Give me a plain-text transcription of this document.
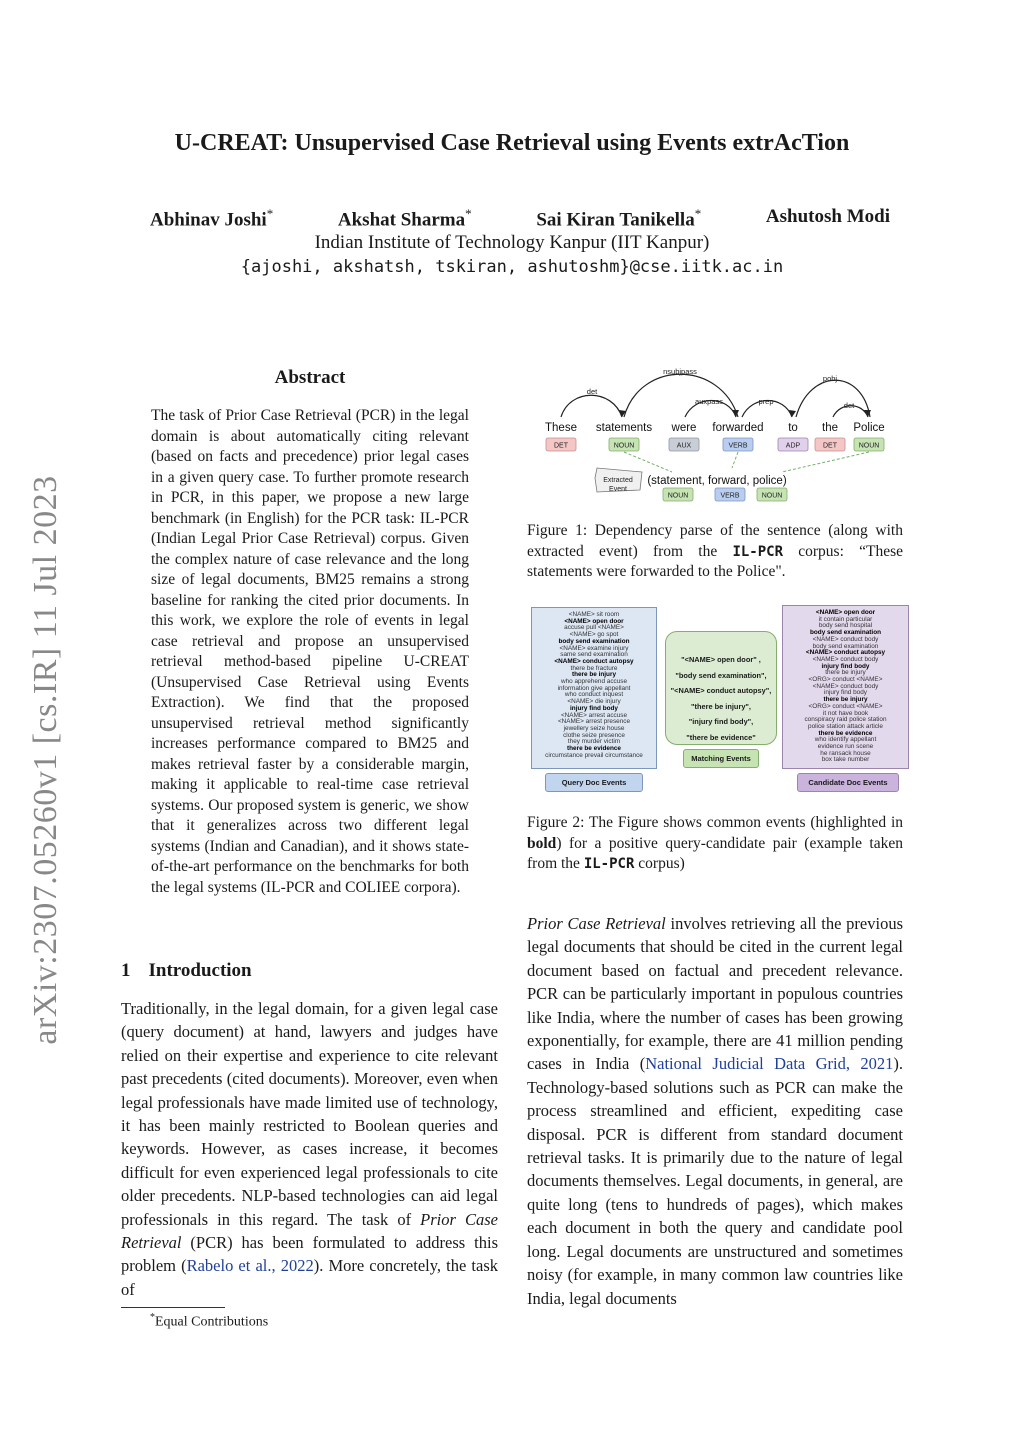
arXiv:2307.05260v1 [cs.IR] 11 Jul 2023
U-CREAT: Unsupervised Case Retrieval using Events extrAcTion
Abhinav Joshi*	Akshat Sharma*	Sai Kiran Tanikella*	Ashutosh Modi
Indian Institute of Technology Kanpur (IIT Kanpur)
{ajoshi, akshatsh, tskiran, ashutoshm}@cse.iitk.ac.in
Abstract
The task of Prior Case Retrieval (PCR) in the legal domain is about automatically citing relevant (based on facts and precedence) prior legal cases in a given query case. To further promote research in PCR, in this paper, we propose a new large benchmark (in English) for the PCR task: IL-PCR (Indian Legal Prior Case Retrieval) corpus. Given the complex nature of case relevance and the long size of legal documents, BM25 remains a strong baseline for ranking the cited prior documents. In this work, we explore the role of events in legal case retrieval and propose an unsupervised retrieval method-based pipeline U-CREAT (Unsupervised Case Retrieval using Events Extraction). We find that the proposed unsupervised retrieval method significantly increases performance compared to BM25 and makes retrieval faster by a considerable margin, making it applicable to real-time case retrieval systems. Our proposed system is generic, we show that it generalizes across two different legal systems (Indian and Canadian), and it shows state-of-the-art performance on the benchmarks for both the legal systems (IL-PCR and COLIEE corpora).
1 Introduction
Traditionally, in the legal domain, for a given legal case (query document) at hand, lawyers and judges have relied on their expertise and experience to cite relevant past precedents (cited documents). Moreover, even when legal professionals have made limited use of technology, it has been mainly restricted to Boolean queries and keywords. However, as cases increase, it becomes difficult for even experienced legal professionals to cite older precedents. NLP-based technologies can aid legal professionals in this regard. The task of Prior Case Retrieval (PCR) has been formulated to address this problem (Rabelo et al., 2022). More concretely, the task of
*Equal Contributions
nsubjpass
det
auxpass	prep
pobj
det
These statements were forwarded to the Police
DET	NOUN	AUX	VERB	ADP	DET	NOUN
Extracted
Event
(statement, forward, police)
NOUN	VERB	NOUN
Figure 1: Dependency parse of the sentence (along with extracted event) from the IL-PCR corpus: “These statements were forwarded to the Police".
<NAME> sit room
<NAME> open door
accuse pull <NAME>
<NAME> go spot
body send examination
<NAME> examine injury
same send examination
<NAME> conduct autopsy
there be fracture
there be injury
who apprehend accuse
information give appellant
who conduct inquest
<NAME> die injury
injury find body
<NAME> arrest accuse
<NAME> arrest presence
jewellery seize house
clothe seize presence
they murder victim
there be evidence
circumstance prevail circumstance
"<NAME> open door" ,
"body send examination",
"<NAME> conduct autopsy",
"there be injury",
"injury find body",
"there be evidence"
<NAME> open door
it contain particular
body send hospital
body send examination
<NAME> conduct body
body send examination
<NAME> conduct autopsy
<NAME> conduct body
injury find body
there be injury
<ORG> conduct <NAME>
<NAME> conduct body
injury find body
there be injury
<ORG> conduct <NAME>
it not have book
conspiracy raid police station
police station attack article
there be evidence
who identify appellant
evidence run scene
he ransack house
box take number
Query Doc Events
Matching Events
Candidate Doc Events
Figure 2: The Figure shows common events (highlighted in bold) for a positive query-candidate pair (example taken from the IL-PCR corpus)
Prior Case Retrieval involves retrieving all the previous legal documents that should be cited in the current legal document based on factual and precedent relevance. PCR can be particularly important in populous countries like India, where the number of cases has been growing exponentially, for example, there are 41 million pending cases in India (National Judicial Data Grid, 2021). Technology-based solutions such as PCR can make the process streamlined and efficient, expediting case disposal. PCR is different from standard document retrieval tasks. It is primarily due to the nature of legal documents themselves. Legal documents, in general, are quite long (tens to hundreds of pages), which makes each document in both the query and candidate pool long. Legal documents are unstructured and sometimes noisy (for example, in many common law countries like India, legal documents
